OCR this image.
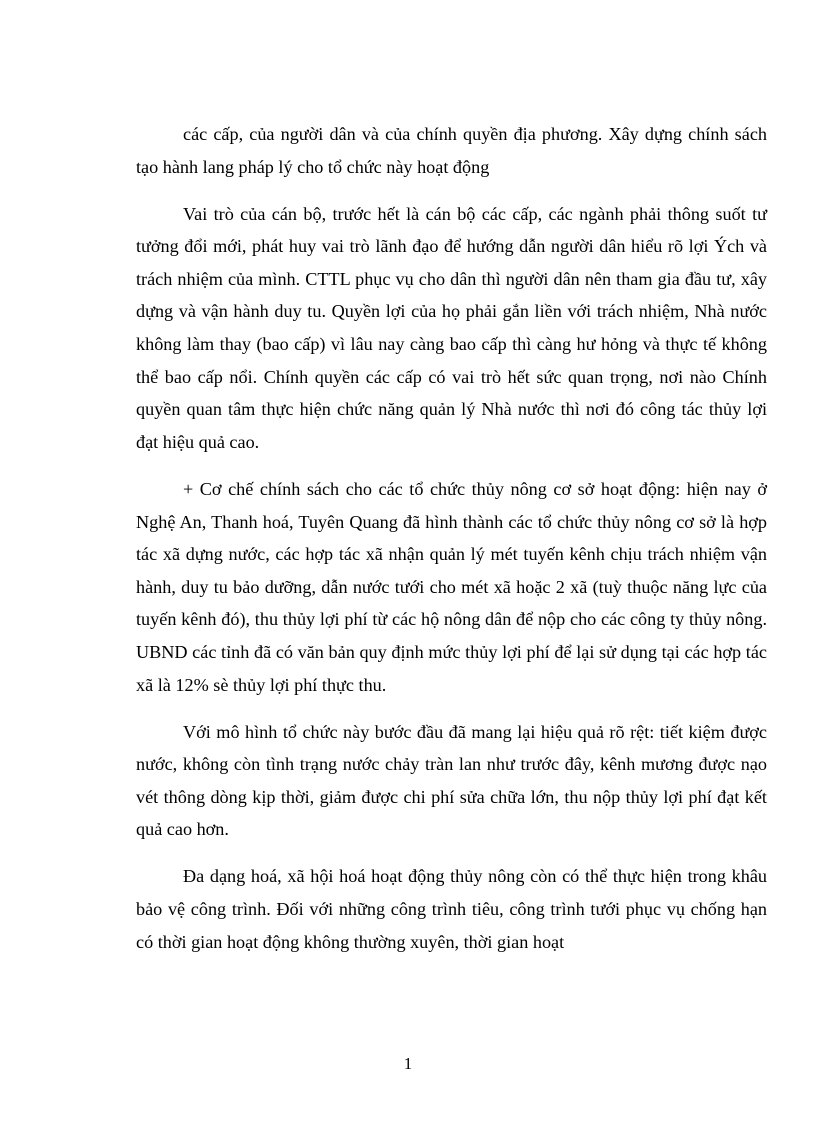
các cấp, của người dân và của chính quyền địa phương. Xây dựng chính sách tạo hành lang pháp lý cho tổ chức này hoạt động

Vai trò của cán bộ, trước hết là cán bộ các cấp, các ngành phải thông suốt tư tưởng đổi mới, phát huy vai trò lãnh đạo để hướng dẫn người dân hiểu rõ lợi Ých và trách nhiệm của mình. CTTL phục vụ cho dân thì người dân nên tham gia đầu tư, xây dựng và vận hành duy tu. Quyền lợi của họ phải gắn liền với trách nhiệm, Nhà nước không làm thay (bao cấp) vì lâu nay càng bao cấp thì càng hư hỏng và thực tế không thể bao cấp nổi. Chính quyền các cấp có vai trò hết sức quan trọng, nơi nào Chính quyền quan tâm thực hiện chức năng quản lý Nhà nước thì nơi đó công tác thủy lợi đạt hiệu quả cao.

+ Cơ chế chính sách cho các tổ chức thủy nông cơ sở hoạt động: hiện nay ở Nghệ An, Thanh hoá, Tuyên Quang đã hình thành các tổ chức thủy nông cơ sở là hợp tác xã dựng nước, các hợp tác xã nhận quản lý mét tuyến kênh chịu trách nhiệm vận hành, duy tu bảo dưỡng, dẫn nước tưới cho mét xã hoặc 2 xã (tuỳ thuộc năng lực của tuyến kênh đó), thu thủy lợi phí từ các hộ nông dân để nộp cho các công ty thủy nông. UBND các tỉnh đã có văn bản quy định mức thủy lợi phí để lại sử dụng tại các hợp tác xã là 12% sè thủy lợi phí thực thu.

Với mô hình tổ chức này bước đầu đã mang lại hiệu quả rõ rệt: tiết kiệm được nước, không còn tình trạng nước chảy tràn lan như trước đây, kênh mương được nạo vét thông dòng kịp thời, giảm được chi phí sửa chữa lớn, thu nộp thủy lợi phí đạt kết quả cao hơn.

Đa dạng hoá, xã hội hoá hoạt động thủy nông còn có thể thực hiện trong khâu bảo vệ công trình. Đối với những công trình tiêu, công trình tưới phục vụ chống hạn có thời gian hoạt động không thường xuyên, thời gian hoạt

1
